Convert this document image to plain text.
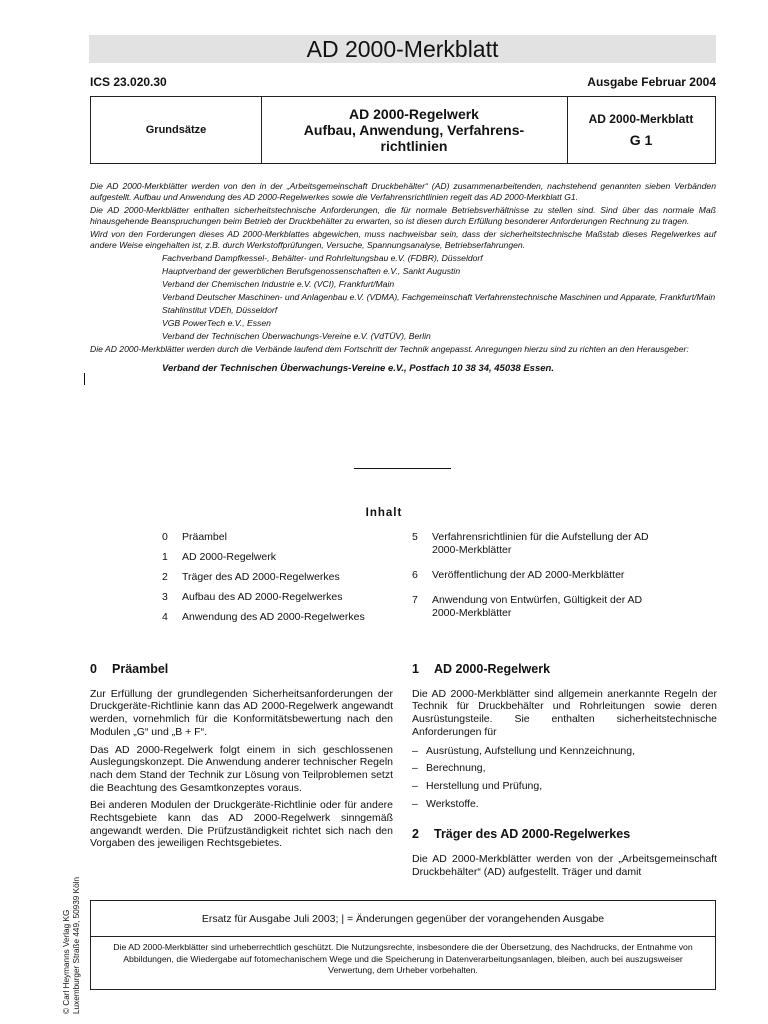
AD 2000-Merkblatt
ICS 23.020.30	Ausgabe Februar 2004
Grundsätze
AD 2000-Regelwerk
Aufbau, Anwendung, Verfahrens-
richtlinien
AD 2000-Merkblatt
G 1

Die AD 2000-Merkblätter werden von den in der „Arbeitsgemeinschaft Druckbehälter“ (AD) zusammenarbeitenden, nachstehend genannten sieben Verbänden aufgestellt. Aufbau und Anwendung des AD 2000-Regelwerkes sowie die Verfahrensrichtlinien regelt das AD 2000-Merkblatt G1.

Die AD 2000-Merkblätter enthalten sicherheitstechnische Anforderungen, die für normale Betriebsverhältnisse zu stellen sind. Sind über das normale Maß hinausgehende Beanspruchungen beim Betrieb der Druckbehälter zu erwarten, so ist diesen durch Erfüllung besonderer Anforderungen Rechnung zu tragen.

Wird von den Forderungen dieses AD 2000-Merkblattes abgewichen, muss nachweisbar sein, dass der sicherheitstechnische Maßstab dieses Regelwerkes auf andere Weise eingehalten ist, z.B. durch Werkstoffprüfungen, Versuche, Spannungsanalyse, Betriebserfahrungen.

Fachverband Dampfkessel-, Behälter- und Rohrleitungsbau e.V. (FDBR), Düsseldorf
Hauptverband der gewerblichen Berufsgenossenschaften e.V., Sankt Augustin
Verband der Chemischen Industrie e.V. (VCI), Frankfurt/Main
Verband Deutscher Maschinen- und Anlagenbau e.V. (VDMA), Fachgemeinschaft Verfahrenstechnische Maschinen und Apparate, Frankfurt/Main
Stahlinstitut VDEh, Düsseldorf
VGB PowerTech e.V., Essen
Verband der Technischen Überwachungs-Vereine e.V. (VdTÜV), Berlin

Die AD 2000-Merkblätter werden durch die Verbände laufend dem Fortschritt der Technik angepasst. Anregungen hierzu sind zu richten an den Herausgeber:

Verband der Technischen Überwachungs-Vereine e.V., Postfach 10 38 34, 45038 Essen.
Inhalt
0	Präambel
1	AD 2000-Regelwerk
2	Träger des AD 2000-Regelwerkes
3	Aufbau des AD 2000-Regelwerkes
4	Anwendung des AD 2000-Regelwerkes
5	Verfahrensrichtlinien für die Aufstellung der AD 2000-Merkblätter
6	Veröffentlichung der AD 2000-Merkblätter
7	Anwendung von Entwürfen, Gültigkeit der AD 2000-Merkblätter
0 Präambel

Zur Erfüllung der grundlegenden Sicherheitsanforderungen der Druckgeräte-Richtlinie kann das AD 2000-Regelwerk angewandt werden, vornehmlich für die Konformitätsbewertung nach den Modulen „G“ und „B + F“.

Das AD 2000-Regelwerk folgt einem in sich geschlossenen Auslegungskonzept. Die Anwendung anderer technischer Regeln nach dem Stand der Technik zur Lösung von Teilproblemen setzt die Beachtung des Gesamtkonzeptes voraus.

Bei anderen Modulen der Druckgeräte-Richtlinie oder für andere Rechtsgebiete kann das AD 2000-Regelwerk sinngemäß angewandt werden. Die Prüfzuständigkeit richtet sich nach den Vorgaben des jeweiligen Rechtsgebietes.

1 AD 2000-Regelwerk

Die AD 2000-Merkblätter sind allgemein anerkannte Regeln der Technik für Druckbehälter und Rohrleitungen sowie deren Ausrüstungsteile. Sie enthalten sicherheitstechnische Anforderungen für

– Ausrüstung, Aufstellung und Kennzeichnung,
– Berechnung,
– Herstellung und Prüfung,
– Werkstoffe.
2 Träger des AD 2000-Regelwerkes

Die AD 2000-Merkblätter werden von der „Arbeitsgemeinschaft Druckbehälter“ (AD) aufgestellt. Träger und damit

© Carl Heymanns Verlag KG Luxemburger Straße 449, 50939 Köln	Ersatz für Ausgabe Juli 2003; | = Änderungen gegenüber der vorangehenden Ausgabe
Die AD 2000-Merkblätter sind urheberrechtlich geschützt. Die Nutzungsrechte, insbesondere die der Übersetzung, des Nachdrucks, der Entnahme von Abbildungen, die Wiedergabe auf fotomechanischem Wege und die Speicherung in Datenverarbeitungsanlagen, bleiben, auch bei auszugsweiser Verwertung, dem Urheber vorbehalten.
